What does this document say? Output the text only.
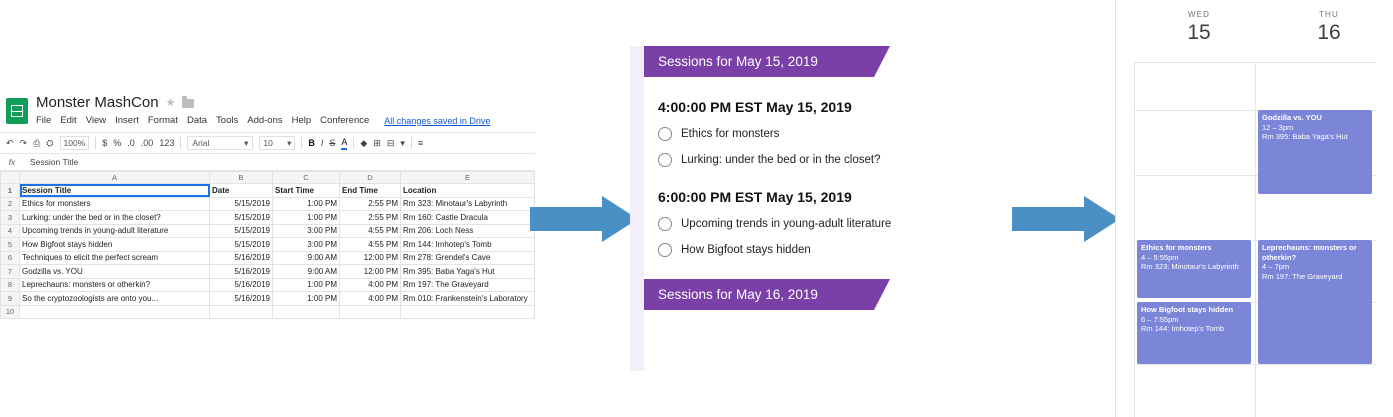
Monster MashCon ★
File Edit View Insert Format Data Tools Add-ons Help Conference All changes saved in Drive
↶ ↷ ⎙ ⛭	100%	$ % .0 .00 123 Arial	▾ 10 ▾ B I S A ◆ ⊞ ⊟ ▾ ≡
fx	Session Title
	A	B	C	D	E
1	Session Title	Date	Start Time	End Time	Location
2	Ethics for monsters	5/15/2019	1:00 PM	2:55 PM	Rm 323: Minotaur's Labyrinth
3	Lurking: under the bed or in the closet?	5/15/2019	1:00 PM	2:55 PM	Rm 160: Castle Dracula
4	Upcoming trends in young-adult literature	5/15/2019	3:00 PM	4:55 PM	Rm 206: Loch Ness
5	How Bigfoot stays hidden	5/15/2019	3:00 PM	4:55 PM	Rm 144: Imhotep's Tomb
6	Techniques to elicit the perfect scream	5/16/2019	9:00 AM	12:00 PM	Rm 278: Grendel's Cave
7	Godzilla vs. YOU	5/16/2019	9:00 AM	12:00 PM	Rm 395: Baba Yaga's Hut
8	Leprechauns: monsters or otherkin?	5/16/2019	1:00 PM	4:00 PM	Rm 197: The Graveyard
9	So the cryptozoologists are onto you...	5/16/2019	1:00 PM	4:00 PM	Rm 010: Frankenstein's Laboratory
10					
Sessions for May 15, 2019
4:00:00 PM EST May 15, 2019
Ethics for monsters
Lurking: under the bed or in the closet?
6:00:00 PM EST May 15, 2019
Upcoming trends in young-adult literature
How Bigfoot stays hidden
Sessions for May 16, 2019
WED
15
THU
16
Ethics for monsters
4 – 5:55pm
Rm 323: Minotaur's Labyrinth
How Bigfoot stays hidden
6 – 7:55pm
Rm 144: Imhotep's Tomb
Godzilla vs. YOU
12 – 3pm
Rm 395: Baba Yaga's Hut
Leprechauns: monsters or otherkin?
4 – 7pm
Rm 197: The Graveyard
